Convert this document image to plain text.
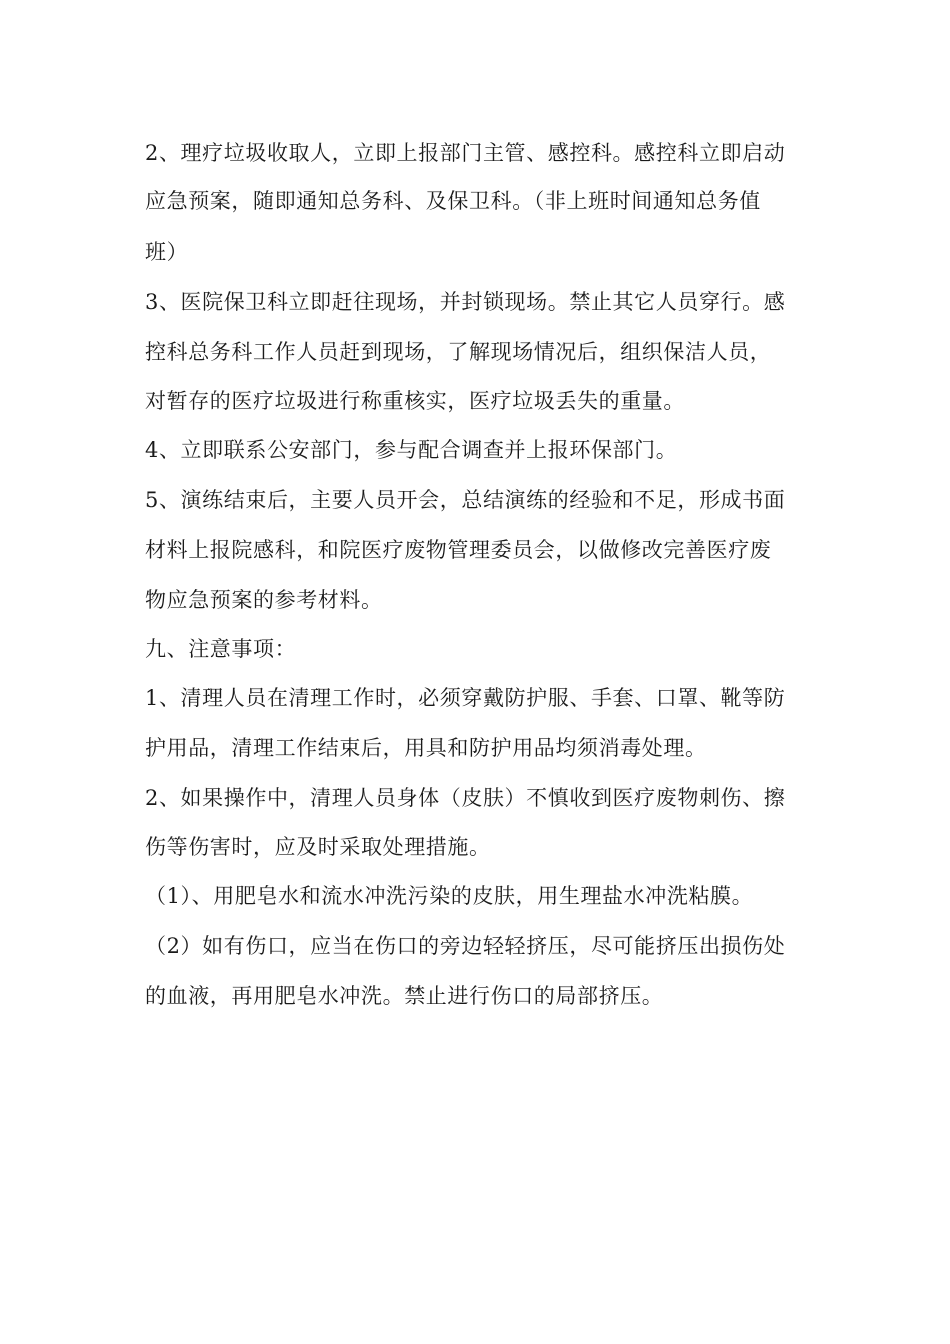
2、理疗垃圾收取人，立即上报部门主管、感控科。感控科立即启动

应急预案，随即通知总务科、及保卫科。（非上班时间通知总务值

班）

3、医院保卫科立即赶往现场，并封锁现场。禁止其它人员穿行。感

控科总务科工作人员赶到现场，了解现场情况后，组织保洁人员，

对暂存的医疗垃圾进行称重核实，医疗垃圾丢失的重量。

4、立即联系公安部门，参与配合调查并上报环保部门。

5、演练结束后，主要人员开会，总结演练的经验和不足，形成书面

材料上报院感科，和院医疗废物管理委员会，以做修改完善医疗废

物应急预案的参考材料。

九、注意事项：

1、清理人员在清理工作时，必须穿戴防护服、手套、口罩、靴等防

护用品，清理工作结束后，用具和防护用品均须消毒处理。

2、如果操作中，清理人员身体（皮肤）不慎收到医疗废物刺伤、擦

伤等伤害时，应及时采取处理措施。

（1）、用肥皂水和流水冲洗污染的皮肤，用生理盐水冲洗粘膜。

（2）如有伤口，应当在伤口的旁边轻轻挤压，尽可能挤压出损伤处

的血液，再用肥皂水冲洗。禁止进行伤口的局部挤压。
